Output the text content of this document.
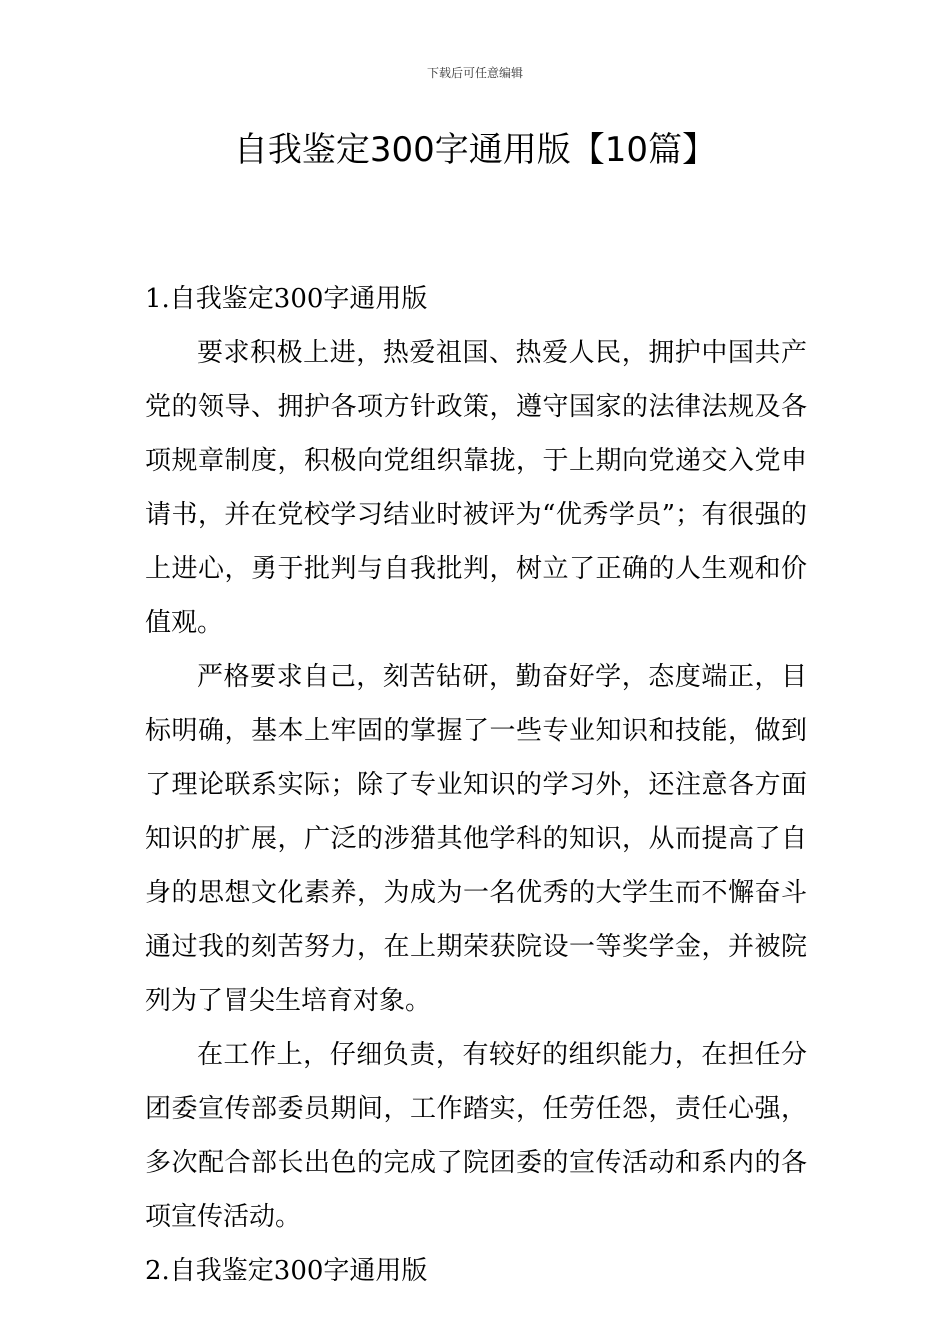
下载后可任意编辑
自我鉴定300字通用版【10篇】
1.自我鉴定300字通用版

要求积极上进，热爱祖国、热爱人民，拥护中国共产党的领导、拥护各项方针政策，遵守国家的法律法规及各项规章制度，积极向党组织靠拢，于上期向党递交入党申请书，并在党校学习结业时被评为“优秀学员”；有很强的上进心，勇于批判与自我批判，树立了正确的人生观和价值观。

严格要求自己，刻苦钻研，勤奋好学，态度端正，目标明确，基本上牢固的掌握了一些专业知识和技能，做到了理论联系实际；除了专业知识的学习外，还注意各方面知识的扩展，广泛的涉猎其他学科的知识，从而提高了自身的思想文化素养，为成为一名优秀的大学生而不懈奋斗通过我的刻苦努力，在上期荣获院设一等奖学金，并被院列为了冒尖生培育对象。

在工作上，仔细负责，有较好的组织能力，在担任分团委宣传部委员期间，工作踏实，任劳任怨，责任心强，多次配合部长出色的完成了院团委的宣传活动和系内的各项宣传活动。

2.自我鉴定300字通用版
